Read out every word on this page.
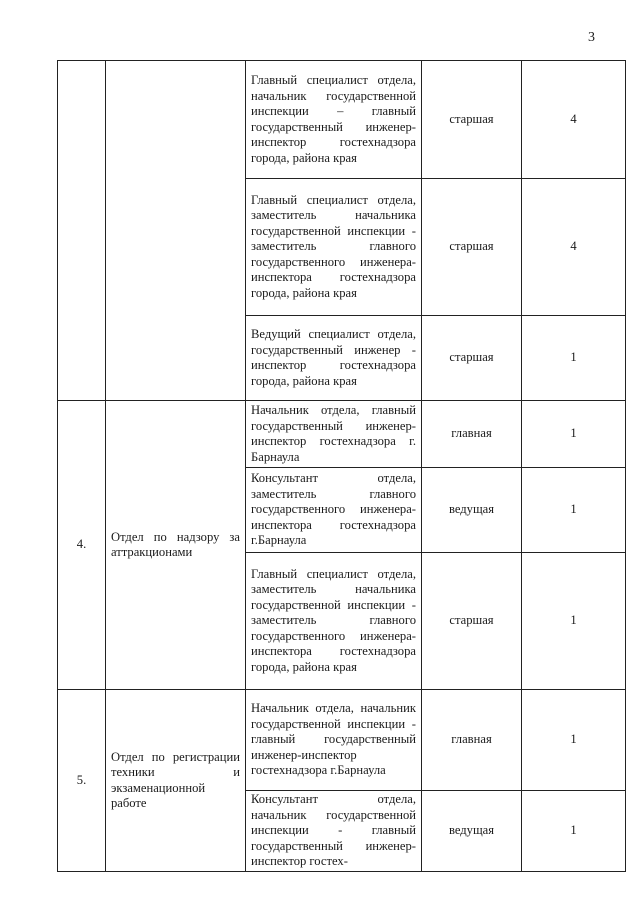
3
		Главный специалист отдела, начальник государственной инспекции – главный государственный инженер-инспектор гостехнадзора города, района края	старшая	4
		Главный специалист отдела, заместитель начальника государственной инспекции - заместитель главного государственного инженера-инспектора гостехнадзора города, района края	старшая	4
		Ведущий специалист отдела, государственный инженер - инспектор гостехнадзора города, района края	старшая	1
4.	Отдел по надзору за аттракционами	Начальник отдела, главный государственный инженер-инспектор гостехнадзора г. Барнаула	главная	1
		Консультант отдела, заместитель главного государственного инженера-инспектора гостехнадзора г.Барнаула	ведущая	1
		Главный специалист отдела, заместитель начальника государственной инспекции - заместитель главного государственного инженера-инспектора гостехнадзора города, района края	старшая	1
5.	Отдел по регистрации техники и экзаменационной работе	Начальник отдела, начальник государственной инспекции - главный государственный инженер-инспектор гостехнадзора г.Барнаула	главная	1
		Консультант отдела, начальник государственной инспекции - главный государственный инженер-инспектор гостех-	ведущая	1
